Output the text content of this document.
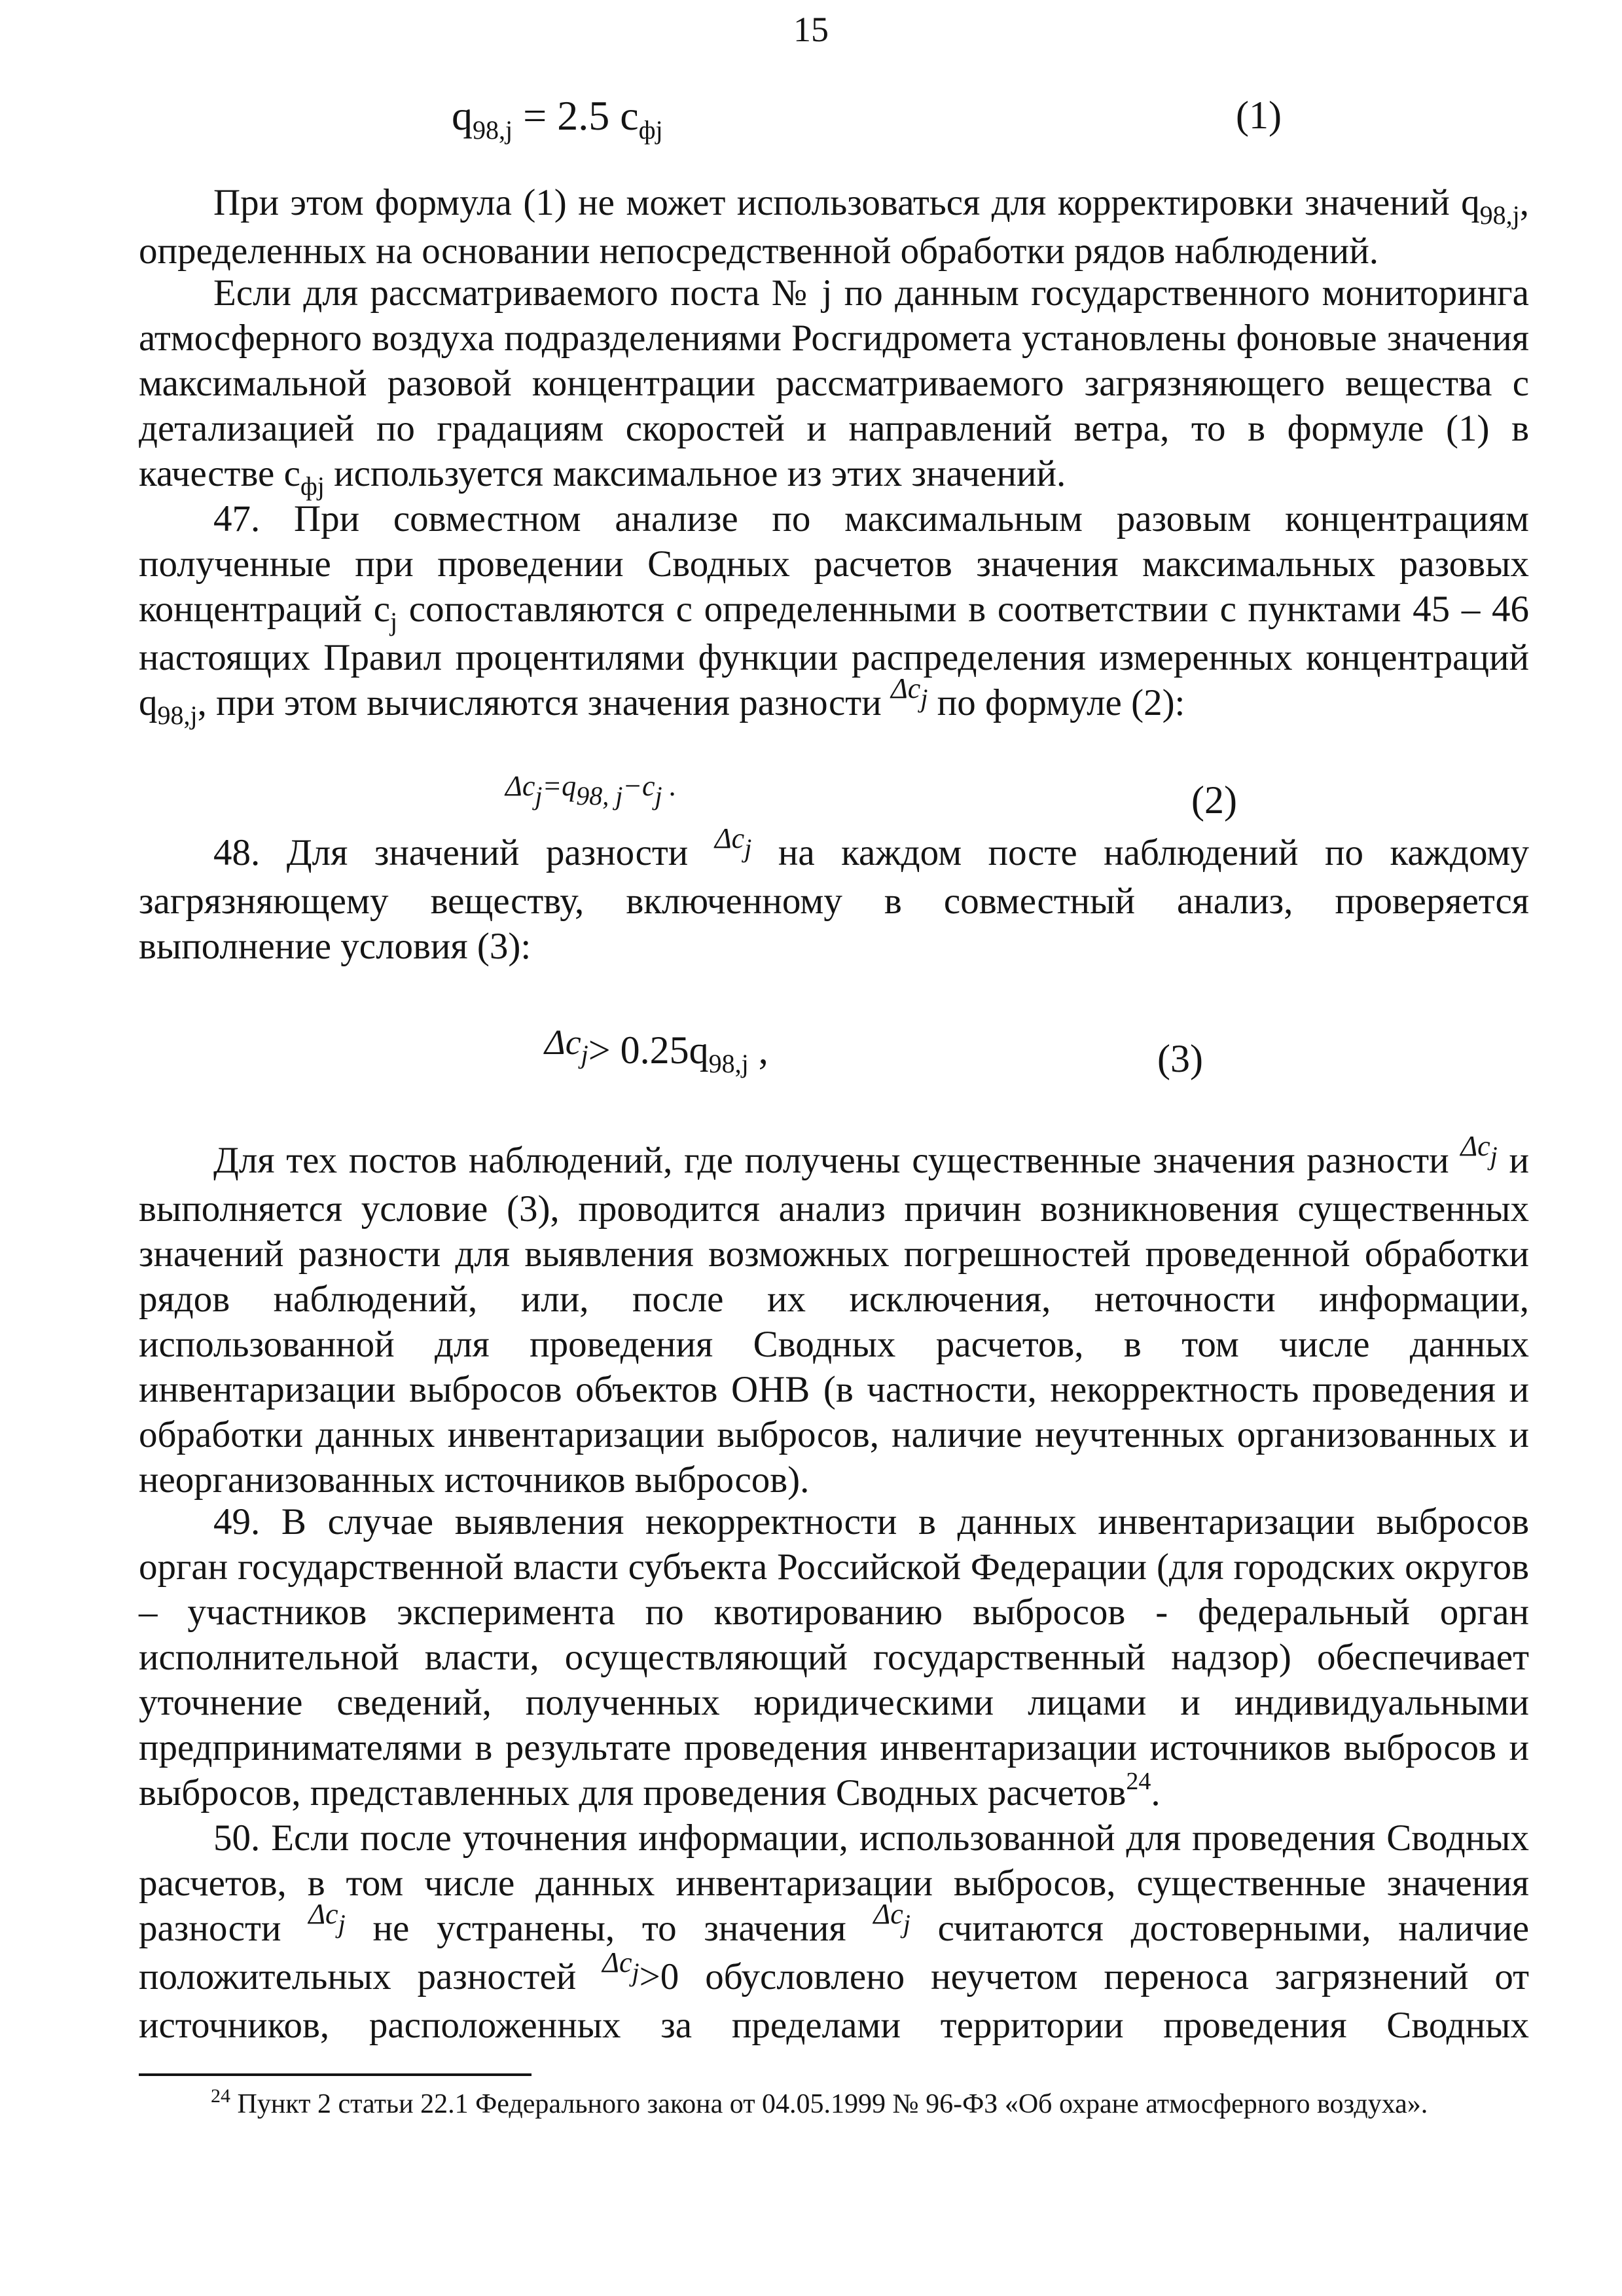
15
$q_{98,j} = 2.5$ $c_{фj}$	(1)
При этом формула (1) не может использоваться для корректировки значений $q_{98,j}$, определенных на основании непосредственной обработки рядов наблюдений.
Если для рассматриваемого поста № j по данным государственного мониторинга атмосферного воздуха подразделениями Росгидромета установлены фоновые значения максимальной разовой концентрации рассматриваемого загрязняющего вещества с детализацией по градациям скоростей и направлений ветра, то в формуле (1) в качестве $с_{фj}$ используется максимальное из этих значений.
47. При совместном анализе по максимальным разовым концентрациям полученные при проведении Сводных расчетов значения максимальных разовых концентраций $с_j$ сопоставляются с определенными в соответствии с пунктами 45 – 46 настоящих Правил процентилями функции распределения измеренных концентраций $q_{98,j}$, при этом вычисляются значения разности $^{\Delta cj}$ по формуле (2):
Δcj=q98, j−cj .	(2)
48. Для значений разности $^{\Delta cj}$ на каждом посте наблюдений по каждому загрязняющему веществу, включенному в совместный анализ, проверяется выполнение условия (3):
$\Delta c_j> 0.25q_{98,j}$ ,	(3)
Для тех постов наблюдений, где получены существенные значения разности $^{\Delta cj}$ и выполняется условие (3), проводится анализ причин возникновения существенных значений разности для выявления возможных погрешностей проведенной обработки рядов наблюдений, или, после их исключения, неточности информации, использованной для проведения Сводных расчетов, в том числе данных инвентаризации выбросов объектов ОНВ (в частности, некорректность проведения и обработки данных инвентаризации выбросов, наличие неучтенных организованных и неорганизованных источников выбросов).
49. В случае выявления некорректности в данных инвентаризации выбросов орган государственной власти субъекта Российской Федерации (для городских округов – участников эксперимента по квотированию выбросов - федеральный орган исполнительной власти, осуществляющий государственный надзор) обеспечивает уточнение сведений, полученных юридическими лицами и индивидуальными предпринимателями в результате проведения инвентаризации источников выбросов и выбросов, представленных для проведения Сводных расчетов$^{24}$.
50. Если после уточнения информации, использованной для проведения Сводных расчетов, в том числе данных инвентаризации выбросов, существенные значения разности $^{\Delta cj}$ не устранены, то значения $^{\Delta cj}$ считаются достоверными, наличие положительных разностей $^{\Delta cj}$>0 обусловлено неучетом переноса загрязнений от источников, расположенных за пределами территории проведения Сводных
$^{24}$ Пункт 2 статьи 22.1 Федерального закона от 04.05.1999 № 96-ФЗ «Об охране атмосферного воздуха».
